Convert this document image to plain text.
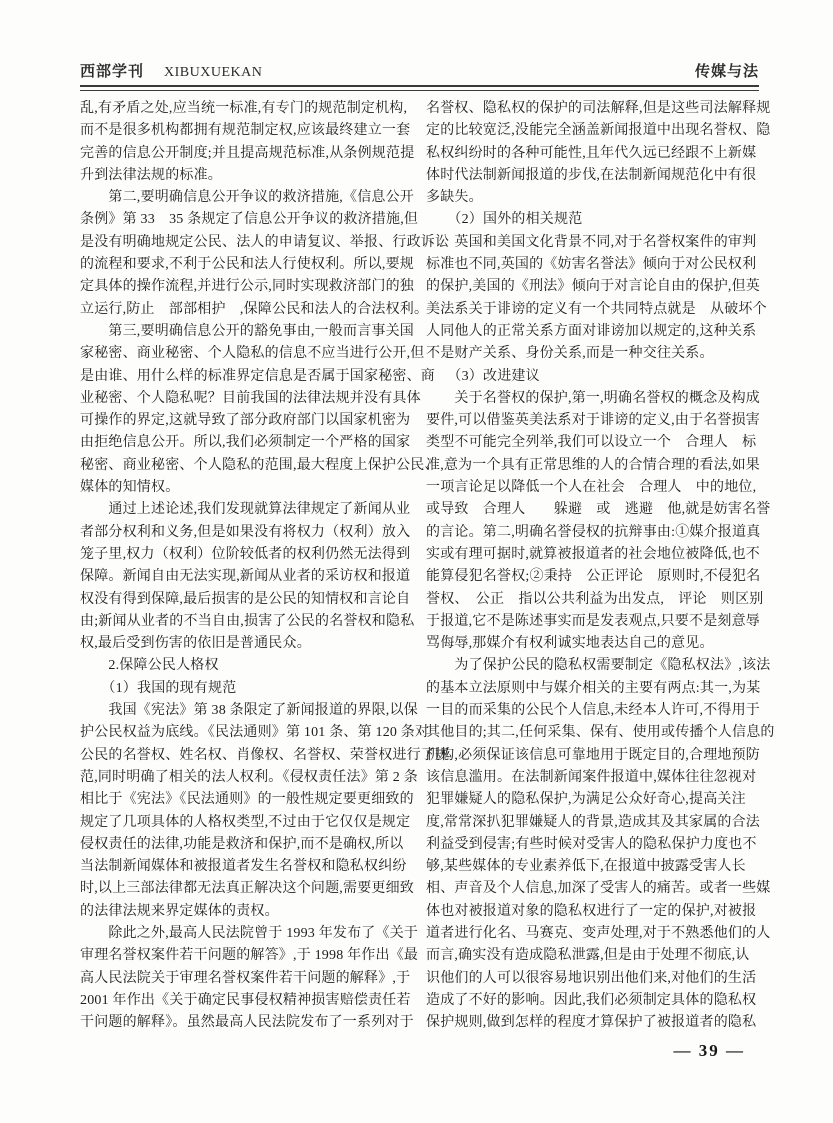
西部学刊 XIBUXUEKAN	传媒与法
乱,有矛盾之处,应当统一标准,有专门的规范制定机构,
而不是很多机构都拥有规范制定权,应该最终建立一套
完善的信息公开制度;并且提高规范标准,从条例规范提
升到法律法规的标准。
　　第二,要明确信息公开争议的救济措施,《信息公开
条例》第 33　35 条规定了信息公开争议的救济措施,但
是没有明确地规定公民、法人的申请复议、举报、行政诉讼
的流程和要求,不利于公民和法人行使权利。所以,要规
定具体的操作流程,并进行公示,同时实现救济部门的独
立运行,防止　部部相护　,保障公民和法人的合法权利。
　　第三,要明确信息公开的豁免事由,一般而言事关国
家秘密、商业秘密、个人隐私的信息不应当进行公开,但
是由谁、用什么样的标准界定信息是否属于国家秘密、商
业秘密、个人隐私呢？目前我国的法律法规并没有具体
可操作的界定,这就导致了部分政府部门以国家机密为
由拒绝信息公开。所以,我们必须制定一个严格的国家
秘密、商业秘密、个人隐私的范围,最大程度上保护公民、
媒体的知情权。
　　通过上述论述,我们发现就算法律规定了新闻从业
者部分权利和义务,但是如果没有将权力（权利）放入
笼子里,权力（权利）位阶较低者的权利仍然无法得到
保障。新闻自由无法实现,新闻从业者的采访权和报道
权没有得到保障,最后损害的是公民的知情权和言论自
由;新闻从业者的不当自由,损害了公民的名誉权和隐私
权,最后受到伤害的依旧是普通民众。
　　2.保障公民人格权
　　（1）我国的现有规范
　　我国《宪法》第 38 条限定了新闻报道的界限,以保
护公民权益为底线。《民法通则》第 101 条、第 120 条对
公民的名誉权、姓名权、肖像权、名誉权、荣誉权进行了规
范,同时明确了相关的法人权利。《侵权责任法》第 2 条
相比于《宪法》《民法通则》的一般性规定要更细致的
规定了几项具体的人格权类型,不过由于它仅仅是规定
侵权责任的法律,功能是救济和保护,而不是确权,所以
当法制新闻媒体和被报道者发生名誉权和隐私权纠纷
时,以上三部法律都无法真正解决这个问题,需要更细致
的法律法规来界定媒体的责权。
　　除此之外,最高人民法院曾于 1993 年发布了《关于
审理名誉权案件若干问题的解答》,于 1998 年作出《最
高人民法院关于审理名誉权案件若干问题的解释》,于
2001 年作出《关于确定民事侵权精神损害赔偿责任若
干问题的解释》。虽然最高人民法院发布了一系列对于
名誉权、隐私权的保护的司法解释,但是这些司法解释规
定的比较宽泛,没能完全涵盖新闻报道中出现名誉权、隐
私权纠纷时的各种可能性,且年代久远已经跟不上新媒
体时代法制新闻报道的步伐,在法制新闻规范化中有很
多缺失。
　　（2）国外的相关规范
　　英国和美国文化背景不同,对于名誉权案件的审判
标准也不同,英国的《妨害名誉法》倾向于对公民权利
的保护,美国的《刑法》倾向于对言论自由的保护,但英
美法系关于诽谤的定义有一个共同特点就是　从破坏个
人同他人的正常关系方面对诽谤加以规定的,这种关系
不是财产关系、身份关系,而是一种交往关系。
　　（3）改进建议
　　关于名誉权的保护,第一,明确名誉权的概念及构成
要件,可以借鉴英美法系对于诽谤的定义,由于名誉损害
类型不可能完全列举,我们可以设立一个　合理人　标
准,意为一个具有正常思维的人的合情合理的看法,如果
一项言论足以降低一个人在社会　合理人　中的地位,
或导致　合理人　　躲避　或　逃避　他,就是妨害名誉
的言论。第二,明确名誉侵权的抗辩事由:①媒介报道真
实或有理可据时,就算被报道者的社会地位被降低,也不
能算侵犯名誉权;②秉持　公正评论　原则时,不侵犯名
誉权、　公正　指以公共利益为出发点,　评论　则区别
于报道,它不是陈述事实而是发表观点,只要不是刻意辱
骂侮辱,那媒介有权利诚实地表达自己的意见。
　　为了保护公民的隐私权需要制定《隐私权法》,该法
的基本立法原则中与媒介相关的主要有两点:其一,为某
一目的而采集的公民个人信息,未经本人许可,不得用于
其他目的;其二,任何采集、保有、使用或传播个人信息的
机构,必须保证该信息可靠地用于既定目的,合理地预防
该信息滥用。在法制新闻案件报道中,媒体往往忽视对
犯罪嫌疑人的隐私保护,为满足公众好奇心,提高关注
度,常常深扒犯罪嫌疑人的背景,造成其及其家属的合法
利益受到侵害;有些时候对受害人的隐私保护力度也不
够,某些媒体的专业素养低下,在报道中披露受害人长
相、声音及个人信息,加深了受害人的痛苦。或者一些媒
体也对被报道对象的隐私权进行了一定的保护,对被报
道者进行化名、马赛克、变声处理,对于不熟悉他们的人
而言,确实没有造成隐私泄露,但是由于处理不彻底,认
识他们的人可以很容易地识别出他们来,对他们的生活
造成了不好的影响。因此,我们必须制定具体的隐私权
保护规则,做到怎样的程度才算保护了被报道者的隐私
— 39 —
